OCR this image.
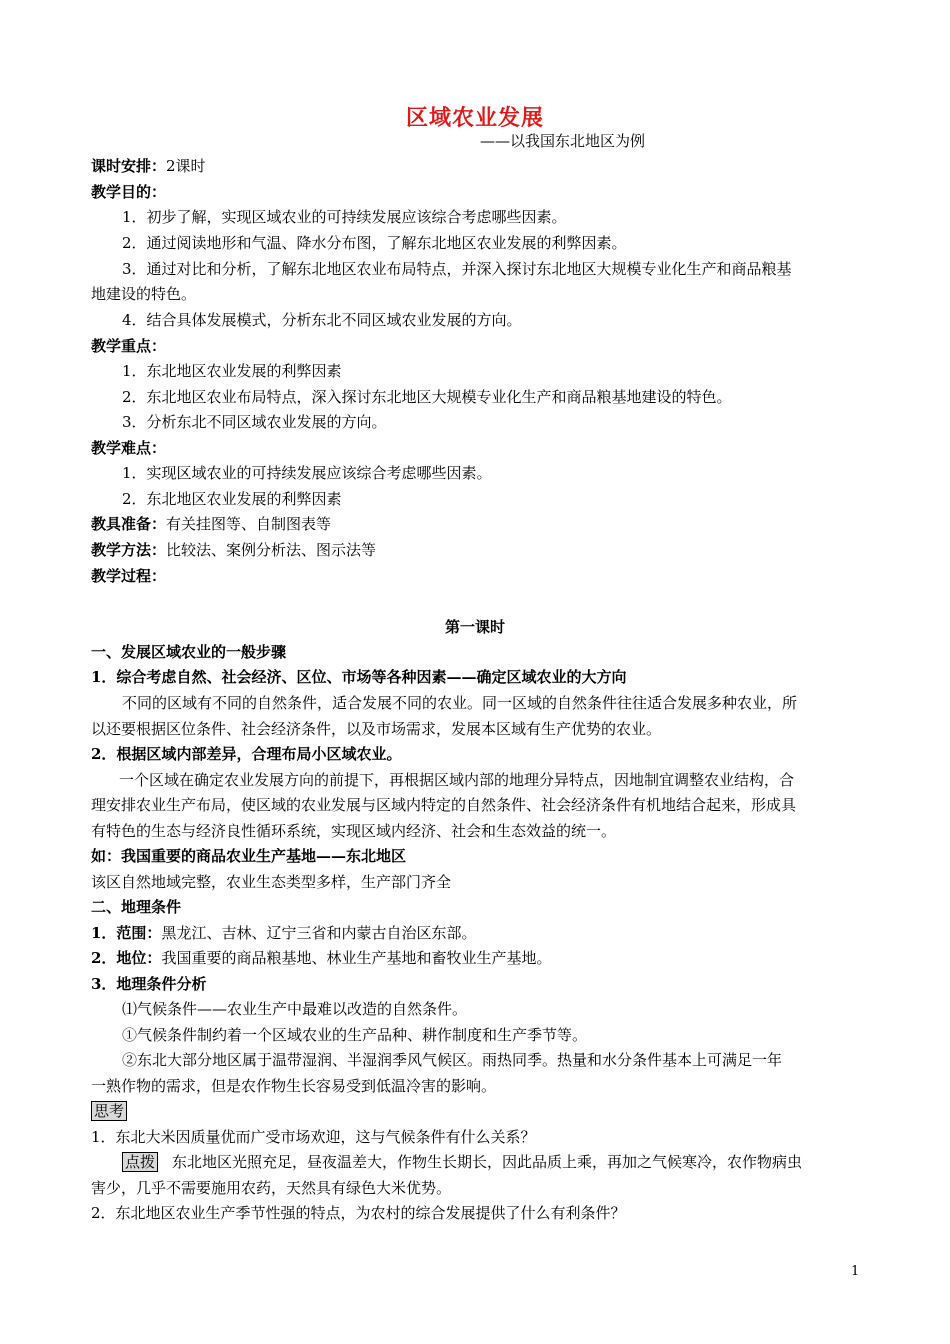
区域农业发展
——以我国东北地区为例
课时安排：2课时
教学目的：
1．初步了解，实现区域农业的可持续发展应该综合考虑哪些因素。
2．通过阅读地形和气温、降水分布图，了解东北地区农业发展的利弊因素。
3．通过对比和分析，了解东北地区农业布局特点，并深入探讨东北地区大规模专业化生产和商品粮基
地建设的特色。
4．结合具体发展模式，分析东北不同区域农业发展的方向。
教学重点：
1．东北地区农业发展的利弊因素
2．东北地区农业布局特点，深入探讨东北地区大规模专业化生产和商品粮基地建设的特色。
3．分析东北不同区域农业发展的方向。
教学难点：
1．实现区域农业的可持续发展应该综合考虑哪些因素。
2．东北地区农业发展的利弊因素
教具准备：有关挂图等、自制图表等
教学方法：比较法、案例分析法、图示法等
教学过程：
第一课时
一、发展区域农业的一般步骤
1．综合考虑自然、社会经济、区位、市场等各种因素——确定区域农业的大方向
不同的区域有不同的自然条件，适合发展不同的农业。同一区域的自然条件往往适合发展多种农业，所
以还要根据区位条件、社会经济条件，以及市场需求，发展本区域有生产优势的农业。
2．根据区域内部差异，合理布局小区域农业。
一个区域在确定农业发展方向的前提下，再根据区域内部的地理分异特点，因地制宜调整农业结构，合
理安排农业生产布局，使区域的农业发展与区域内特定的自然条件、社会经济条件有机地结合起来，形成具
有特色的生态与经济良性循环系统，实现区域内经济、社会和生态效益的统一。
如：我国重要的商品农业生产基地——东北地区
该区自然地域完整，农业生态类型多样，生产部门齐全
二、地理条件
1．范围：黑龙江、吉林、辽宁三省和内蒙古自治区东部。
2．地位：我国重要的商品粮基地、林业生产基地和畜牧业生产基地。
3．地理条件分析
⑴气候条件——农业生产中最难以改造的自然条件。
①气候条件制约着一个区域农业的生产品种、耕作制度和生产季节等。
②东北大部分地区属于温带湿润、半湿润季风气候区。雨热同季。热量和水分条件基本上可满足一年
一熟作物的需求，但是农作物生长容易受到低温冷害的影响。
思考
1．东北大米因质量优而广受市场欢迎，这与气候条件有什么关系？
点拨 东北地区光照充足，昼夜温差大，作物生长期长，因此品质上乘，再加之气候寒冷，农作物病虫
害少，几乎不需要施用农药，天然具有绿色大米优势。
2．东北地区农业生产季节性强的特点，为农村的综合发展提供了什么有利条件？
1
